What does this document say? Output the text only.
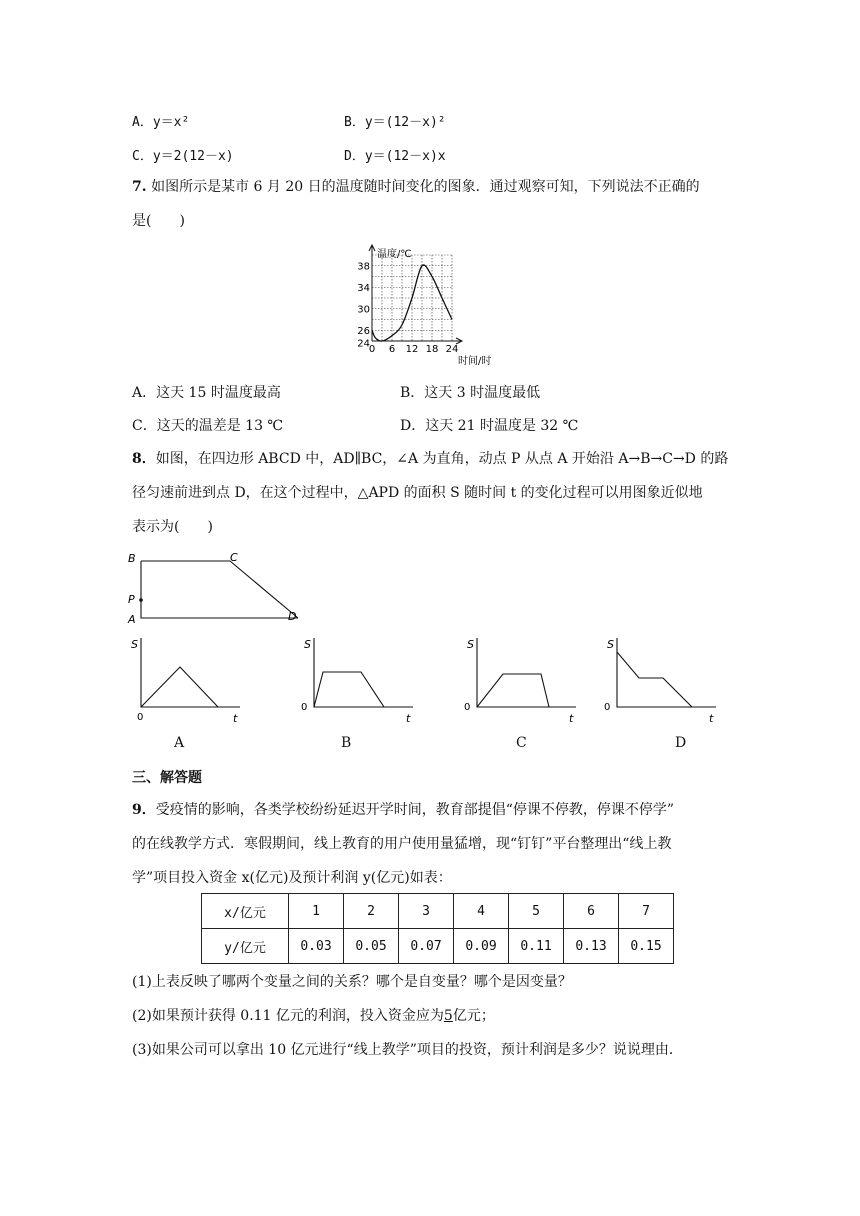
A．y＝x²	B．y＝(12－x)²
C．y＝2(12－x)	D．y＝(12－x)x
7. 如图所示是某市 6 月 20 日的温度随时间变化的图象．通过观察可知，下列说法不正确的
是(　　)
温度/℃
时间/时
0 6 12 18 24
24
26
30
34
38
A．这天 15 时温度最高	B．这天 3 时温度最低
C．这天的温差是 13 ℃	D．这天 21 时温度是 32 ℃
8．如图，在四边形 ABCD 中，AD∥BC，∠A 为直角，动点 P 从点 A 开始沿 A→B→C→D 的路
径匀速前进到点 D，在这个过程中，△APD 的面积 S 随时间 t 的变化过程可以用图象近似地
表示为(　　)
B	C
P
A	D
S
0	t
S
0
t
S
0
t
S
0
t
A	B	C	D
三、解答题
9．受疫情的影响，各类学校纷纷延迟开学时间，教育部提倡“停课不停教，停课不停学”
的在线教学方式．寒假期间，线上教育的用户使用量猛增，现“钉钉”平台整理出“线上教
学”项目投入资金 x(亿元)及预计利润 y(亿元)如表：
x/亿元	1	2	3	4	5	6	7
y/亿元	0.03	0.05	0.07	0.09	0.11	0.13	0.15
(1)上表反映了哪两个变量之间的关系？哪个是自变量？哪个是因变量？
(2)如果预计获得 0.11 亿元的利润，投入资金应为5亿元；
(3)如果公司可以拿出 10 亿元进行“线上教学”项目的投资，预计利润是多少？说说理由．
